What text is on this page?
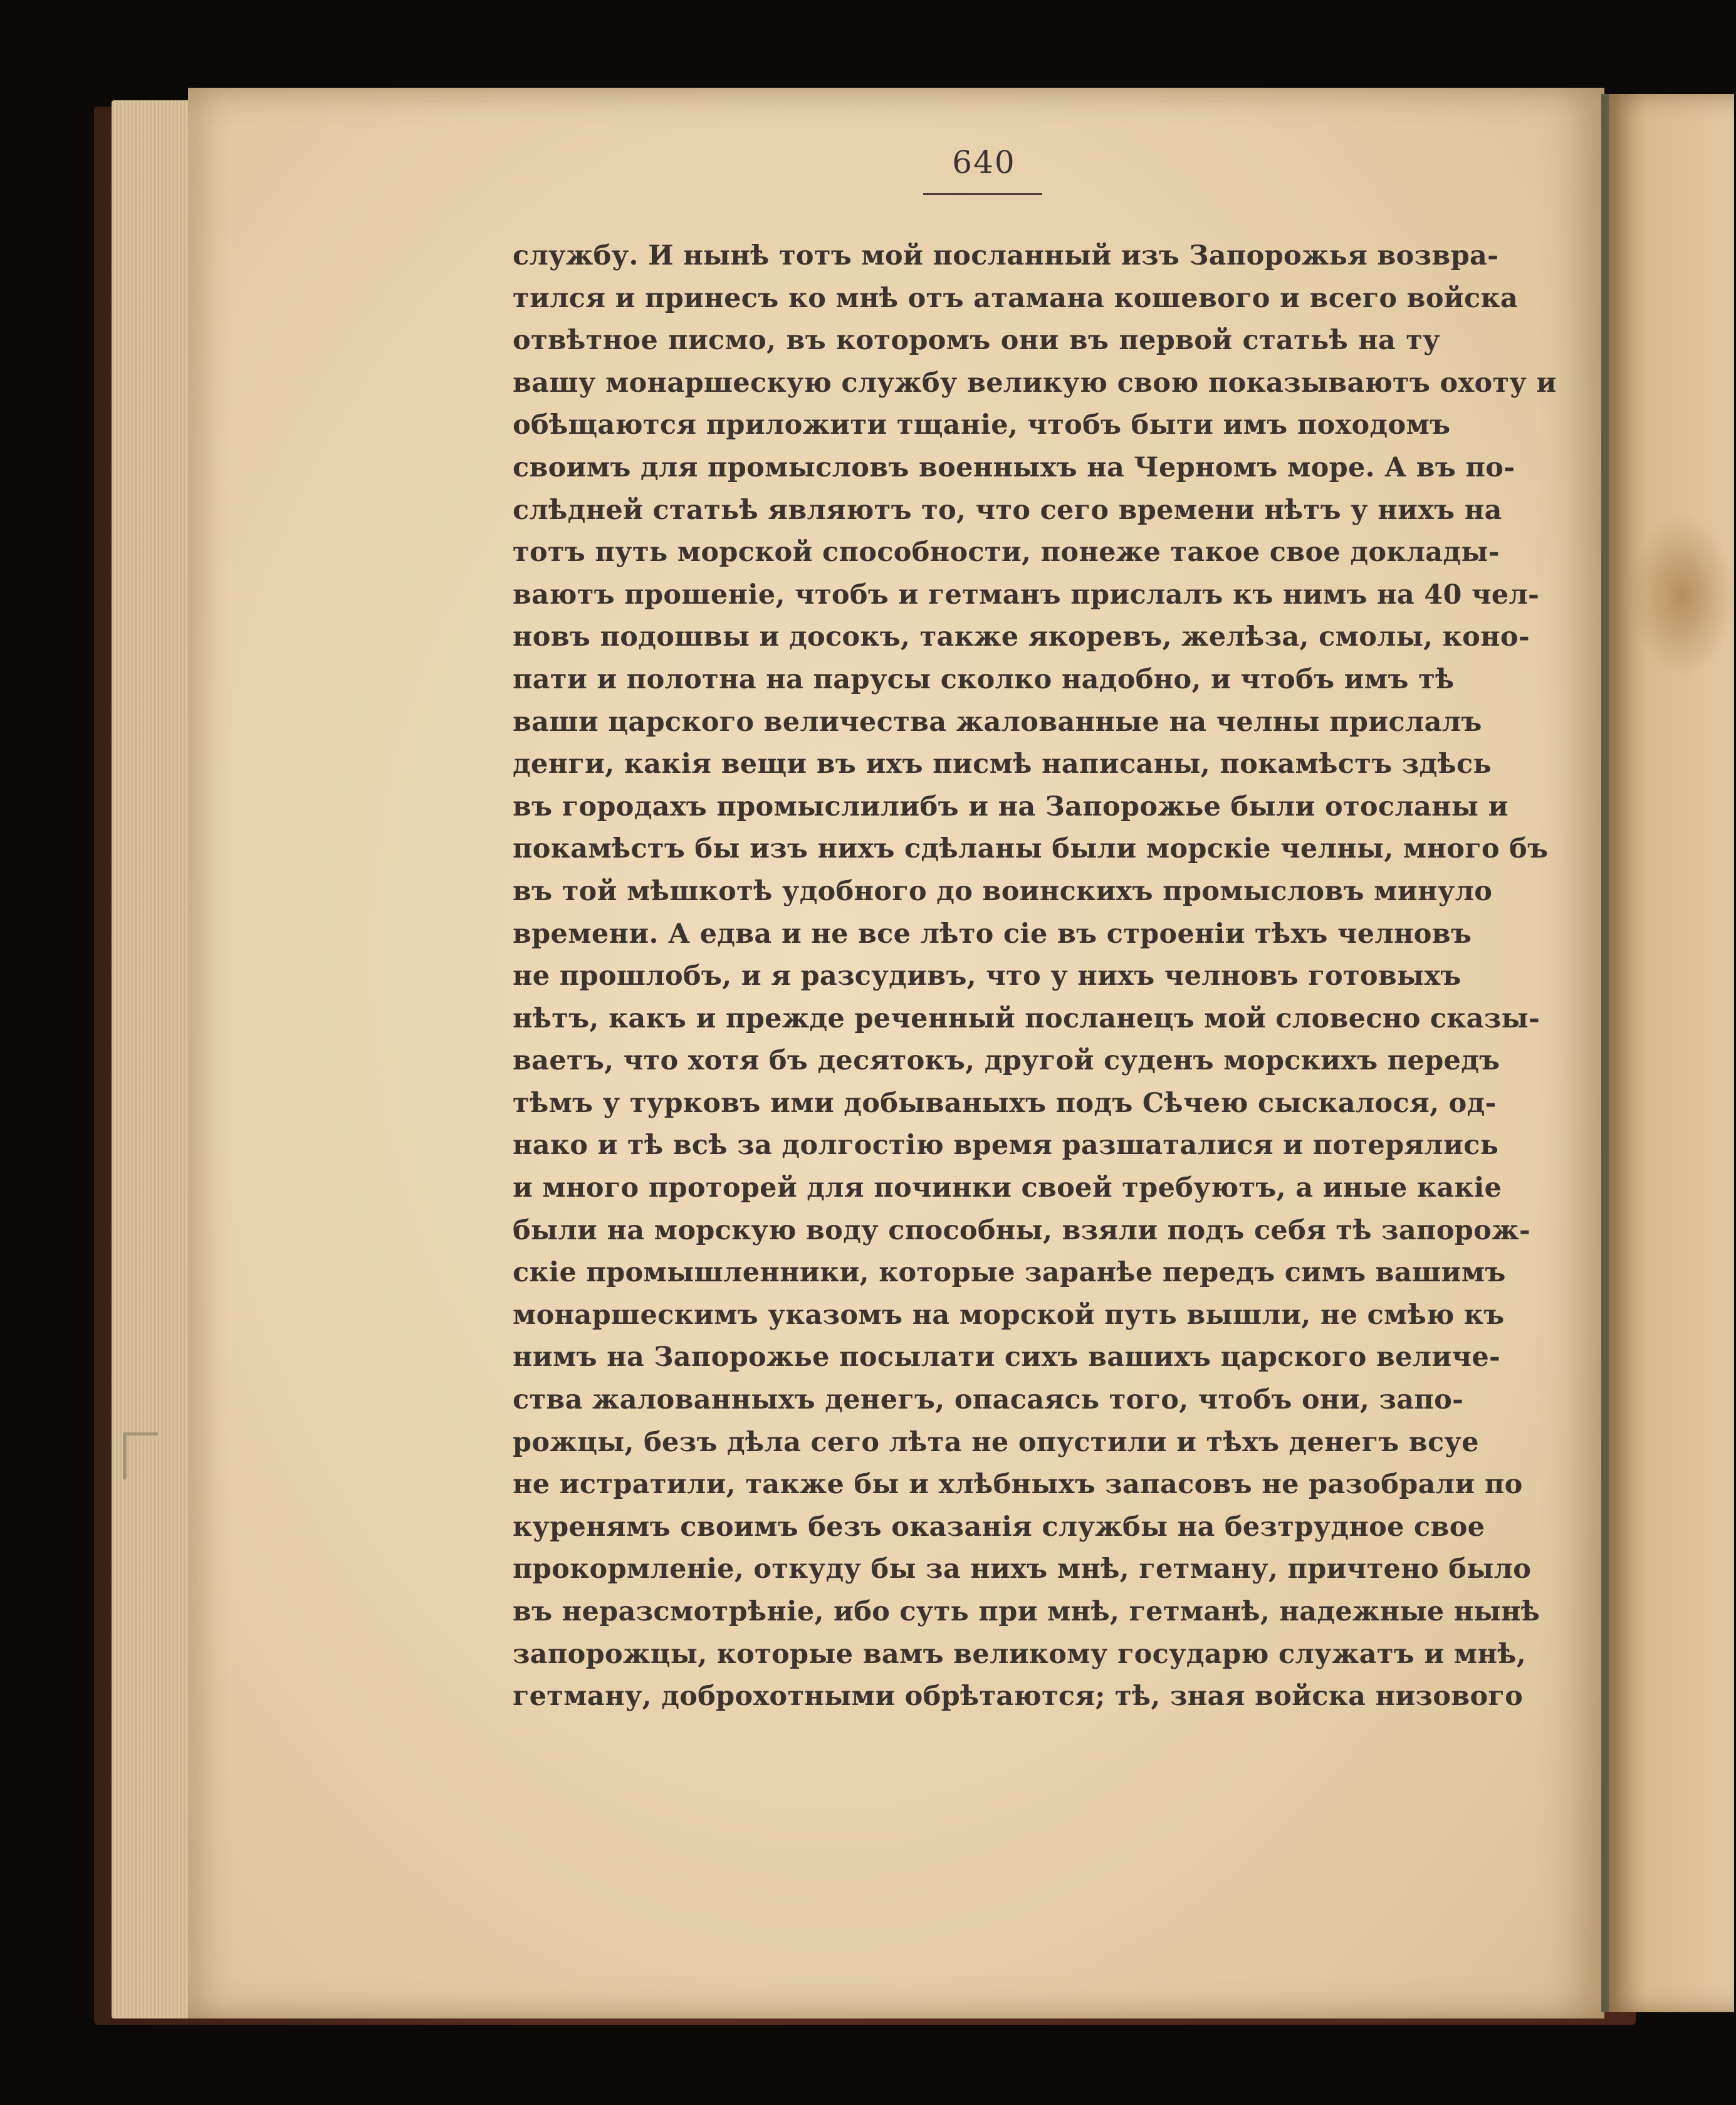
640
службу. И нынѣ тотъ мой посланный изъ Запорожья возвра-
тился и принесъ ко мнѣ отъ атамана кошевого и всего войска
отвѣтное писмо, въ которомъ они въ первой статьѣ на ту
вашу монаршескую службу великую свою показываютъ охоту и
обѣщаются приложити тщаніе, чтобъ быти имъ походомъ
своимъ для промысловъ военныхъ на Черномъ море. А въ по-
слѣдней статьѣ являютъ то, что сего времени нѣтъ у нихъ на
тотъ путь морской способности, понеже такое свое доклады-
ваютъ прошеніе, чтобъ и гетманъ прислалъ къ нимъ на 40 чел-
новъ подошвы и досокъ, также якоревъ, желѣза, смолы, коно-
пати и полотна на парусы сколко надобно, и чтобъ имъ тѣ
ваши царского величества жалованные на челны прислалъ
денги, какія вещи въ ихъ писмѣ написаны, покамѣстъ здѣсь
въ городахъ промыслилибъ и на Запорожье были отосланы и
покамѣстъ бы изъ нихъ сдѣланы были морскіе челны, много бъ
въ той мѣшкотѣ удобного до воинскихъ промысловъ минуло
времени. А едва и не все лѣто сіе въ строеніи тѣхъ челновъ
не прошлобъ, и я разсудивъ, что у нихъ челновъ готовыхъ
нѣтъ, какъ и прежде реченный посланецъ мой словесно сказы-
ваетъ, что хотя бъ десятокъ, другой суденъ морскихъ передъ
тѣмъ у турковъ ими добываныхъ подъ Сѣчею сыскалося, од-
нако и тѣ всѣ за долгостію время разшаталися и потерялись
и много проторей для починки своей требуютъ, а иные какіе
были на морскую воду способны, взяли подъ себя тѣ запорож-
скіе промышленники, которые заранѣе передъ симъ вашимъ
монаршескимъ указомъ на морской путь вышли, не смѣю къ
нимъ на Запорожье посылати сихъ вашихъ царского величе-
ства жалованныхъ денегъ, опасаясь того, чтобъ они, запо-
рожцы, безъ дѣла сего лѣта не опустили и тѣхъ денегъ всуе
не истратили, также бы и хлѣбныхъ запасовъ не разобрали по
куренямъ своимъ безъ оказанія службы на безтрудное свое
прокормленіе, откуду бы за нихъ мнѣ, гетману, причтено было
въ неразсмотрѣніе, ибо суть при мнѣ, гетманѣ, надежные нынѣ
запорожцы, которые вамъ великому государю служатъ и мнѣ,
гетману, доброхотными обрѣтаются; тѣ, зная войска низового
